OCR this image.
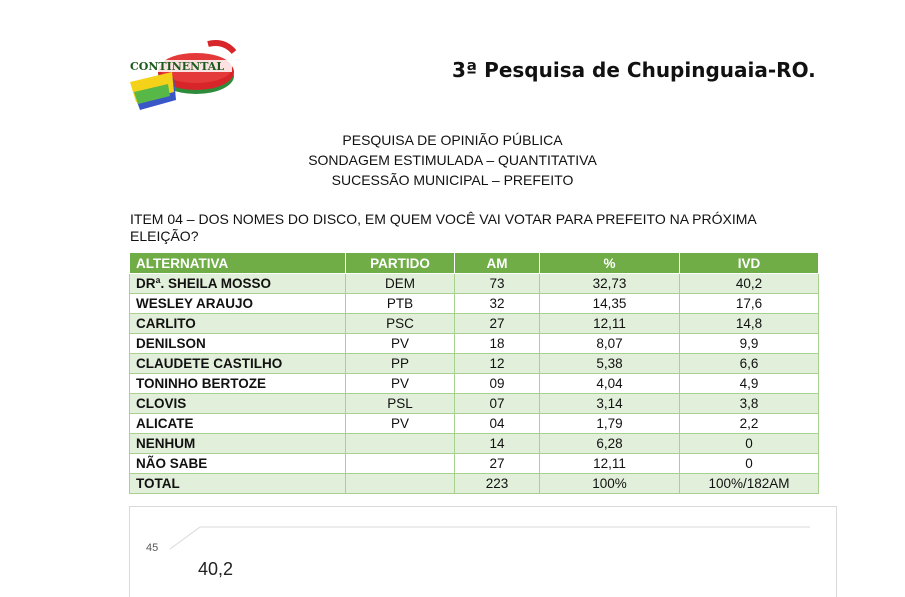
CONTINENTAL	3ª Pesquisa de Chupinguaia-RO.
PESQUISA DE OPINIÃO PÚBLICA
SONDAGEM ESTIMULADA – QUANTITATIVA
SUCESSÃO MUNICIPAL – PREFEITO
ITEM 04 – DOS NOMES DO DISCO, EM QUEM VOCÊ VAI VOTAR PARA PREFEITO NA PRÓXIMA ELEIÇÃO?
ALTERNATIVA	PARTIDO	AM	%	IVD
DRª. SHEILA MOSSO	DEM	73	32,73	40,2
WESLEY ARAUJO	PTB	32	14,35	17,6
CARLITO	PSC	27	12,11	14,8
DENILSON	PV	18	8,07	9,9
CLAUDETE CASTILHO	PP	12	5,38	6,6
TONINHO BERTOZE	PV	09	4,04	4,9
CLOVIS	PSL	07	3,14	3,8
ALICATE	PV	04	1,79	2,2
NENHUM		14	6,28	0
NÃO SABE		27	12,11	0
TOTAL		223	100%	100%/182AM
45
40,2
